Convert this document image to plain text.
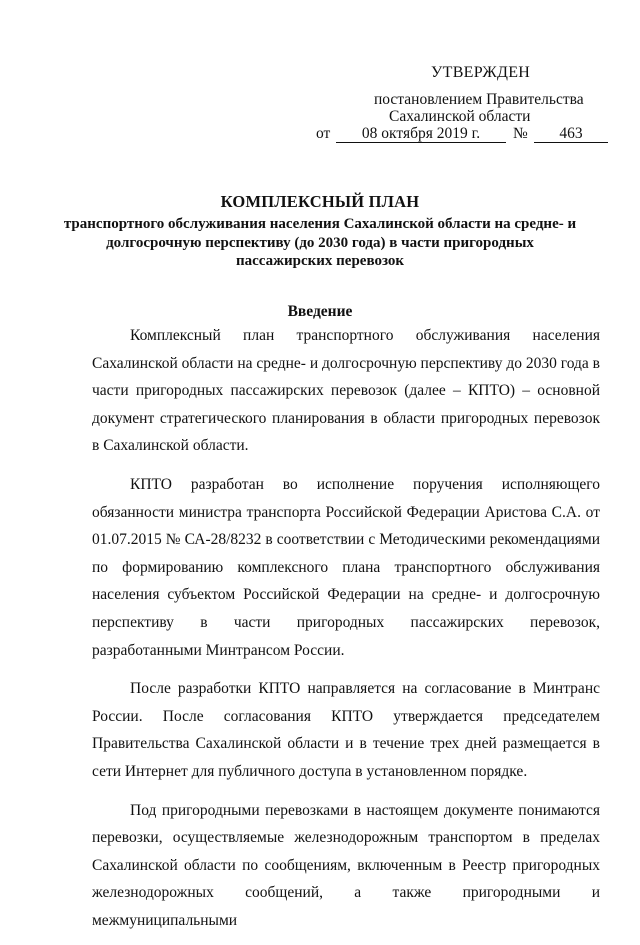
УТВЕРЖДЕН
постановлением Правительства
Сахалинской области
от	08 октября 2019 г.	№	463
КОМПЛЕКСНЫЙ ПЛАН
транспортного обслуживания населения Сахалинской области на средне- и долгосрочную перспективу (до 2030 года) в части пригородных пассажирских перевозок
Введение

Комплексный план транспортного обслуживания населения Сахалинской области на средне- и долгосрочную перспективу до 2030 года в части пригородных пассажирских перевозок (далее – КПТО) – основной документ стратегического планирования в области пригородных перевозок в Сахалинской области.

КПТО разработан во исполнение поручения исполняющего обязанности министра транспорта Российской Федерации Аристова С.А. от 01.07.2015 № СА-28/8232 в соответствии с Методическими рекомендациями по формированию комплексного плана транспортного обслуживания населения субъектом Российской Федерации на средне- и долгосрочную перспективу в части пригородных пассажирских перевозок, разработанными Минтрансом России.

После разработки КПТО направляется на согласование в Минтранс России. После согласования КПТО утверждается председателем Правительства Сахалинской области и в течение трех дней размещается в сети Интернет для публичного доступа в установленном порядке.

Под пригородными перевозками в настоящем документе понимаются перевозки, осуществляемые железнодорожным транспортом в пределах Сахалинской области по сообщениям, включенным в Реестр пригородных железнодорожных сообщений, а также пригородными и межмуниципальными
